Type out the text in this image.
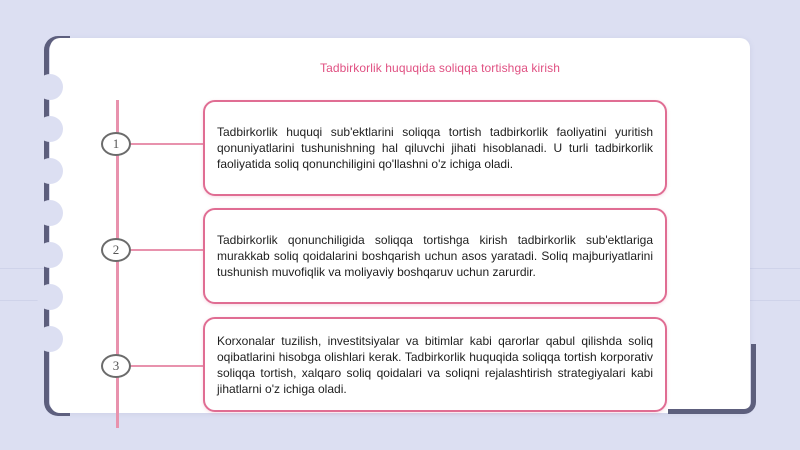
Tadbirkorlik huquqida soliqqa tortishga kirish
1
2
3

Tadbirkorlik huquqi sub'ektlarini soliqqa tortish tadbirkorlik faoliyatini yuritish qonuniyatlarini tushunishning hal qiluvchi jihati hisoblanadi. U turli tadbirkorlik faoliyatida soliq qonunchiligini qo'llashni o'z ichiga oladi.

Tadbirkorlik qonunchiligida soliqqa tortishga kirish tadbirkorlik sub'ektlariga murakkab soliq qoidalarini boshqarish uchun asos yaratadi. Soliq majburiyatlarini tushunish muvofiqlik va moliyaviy boshqaruv uchun zarurdir.

Korxonalar tuzilish, investitsiyalar va bitimlar kabi qarorlar qabul qilishda soliq oqibatlarini hisobga olishlari kerak. Tadbirkorlik huquqida soliqqa tortish korporativ soliqqa tortish, xalqaro soliq qoidalari va soliqni rejalashtirish strategiyalari kabi jihatlarni o'z ichiga oladi.
